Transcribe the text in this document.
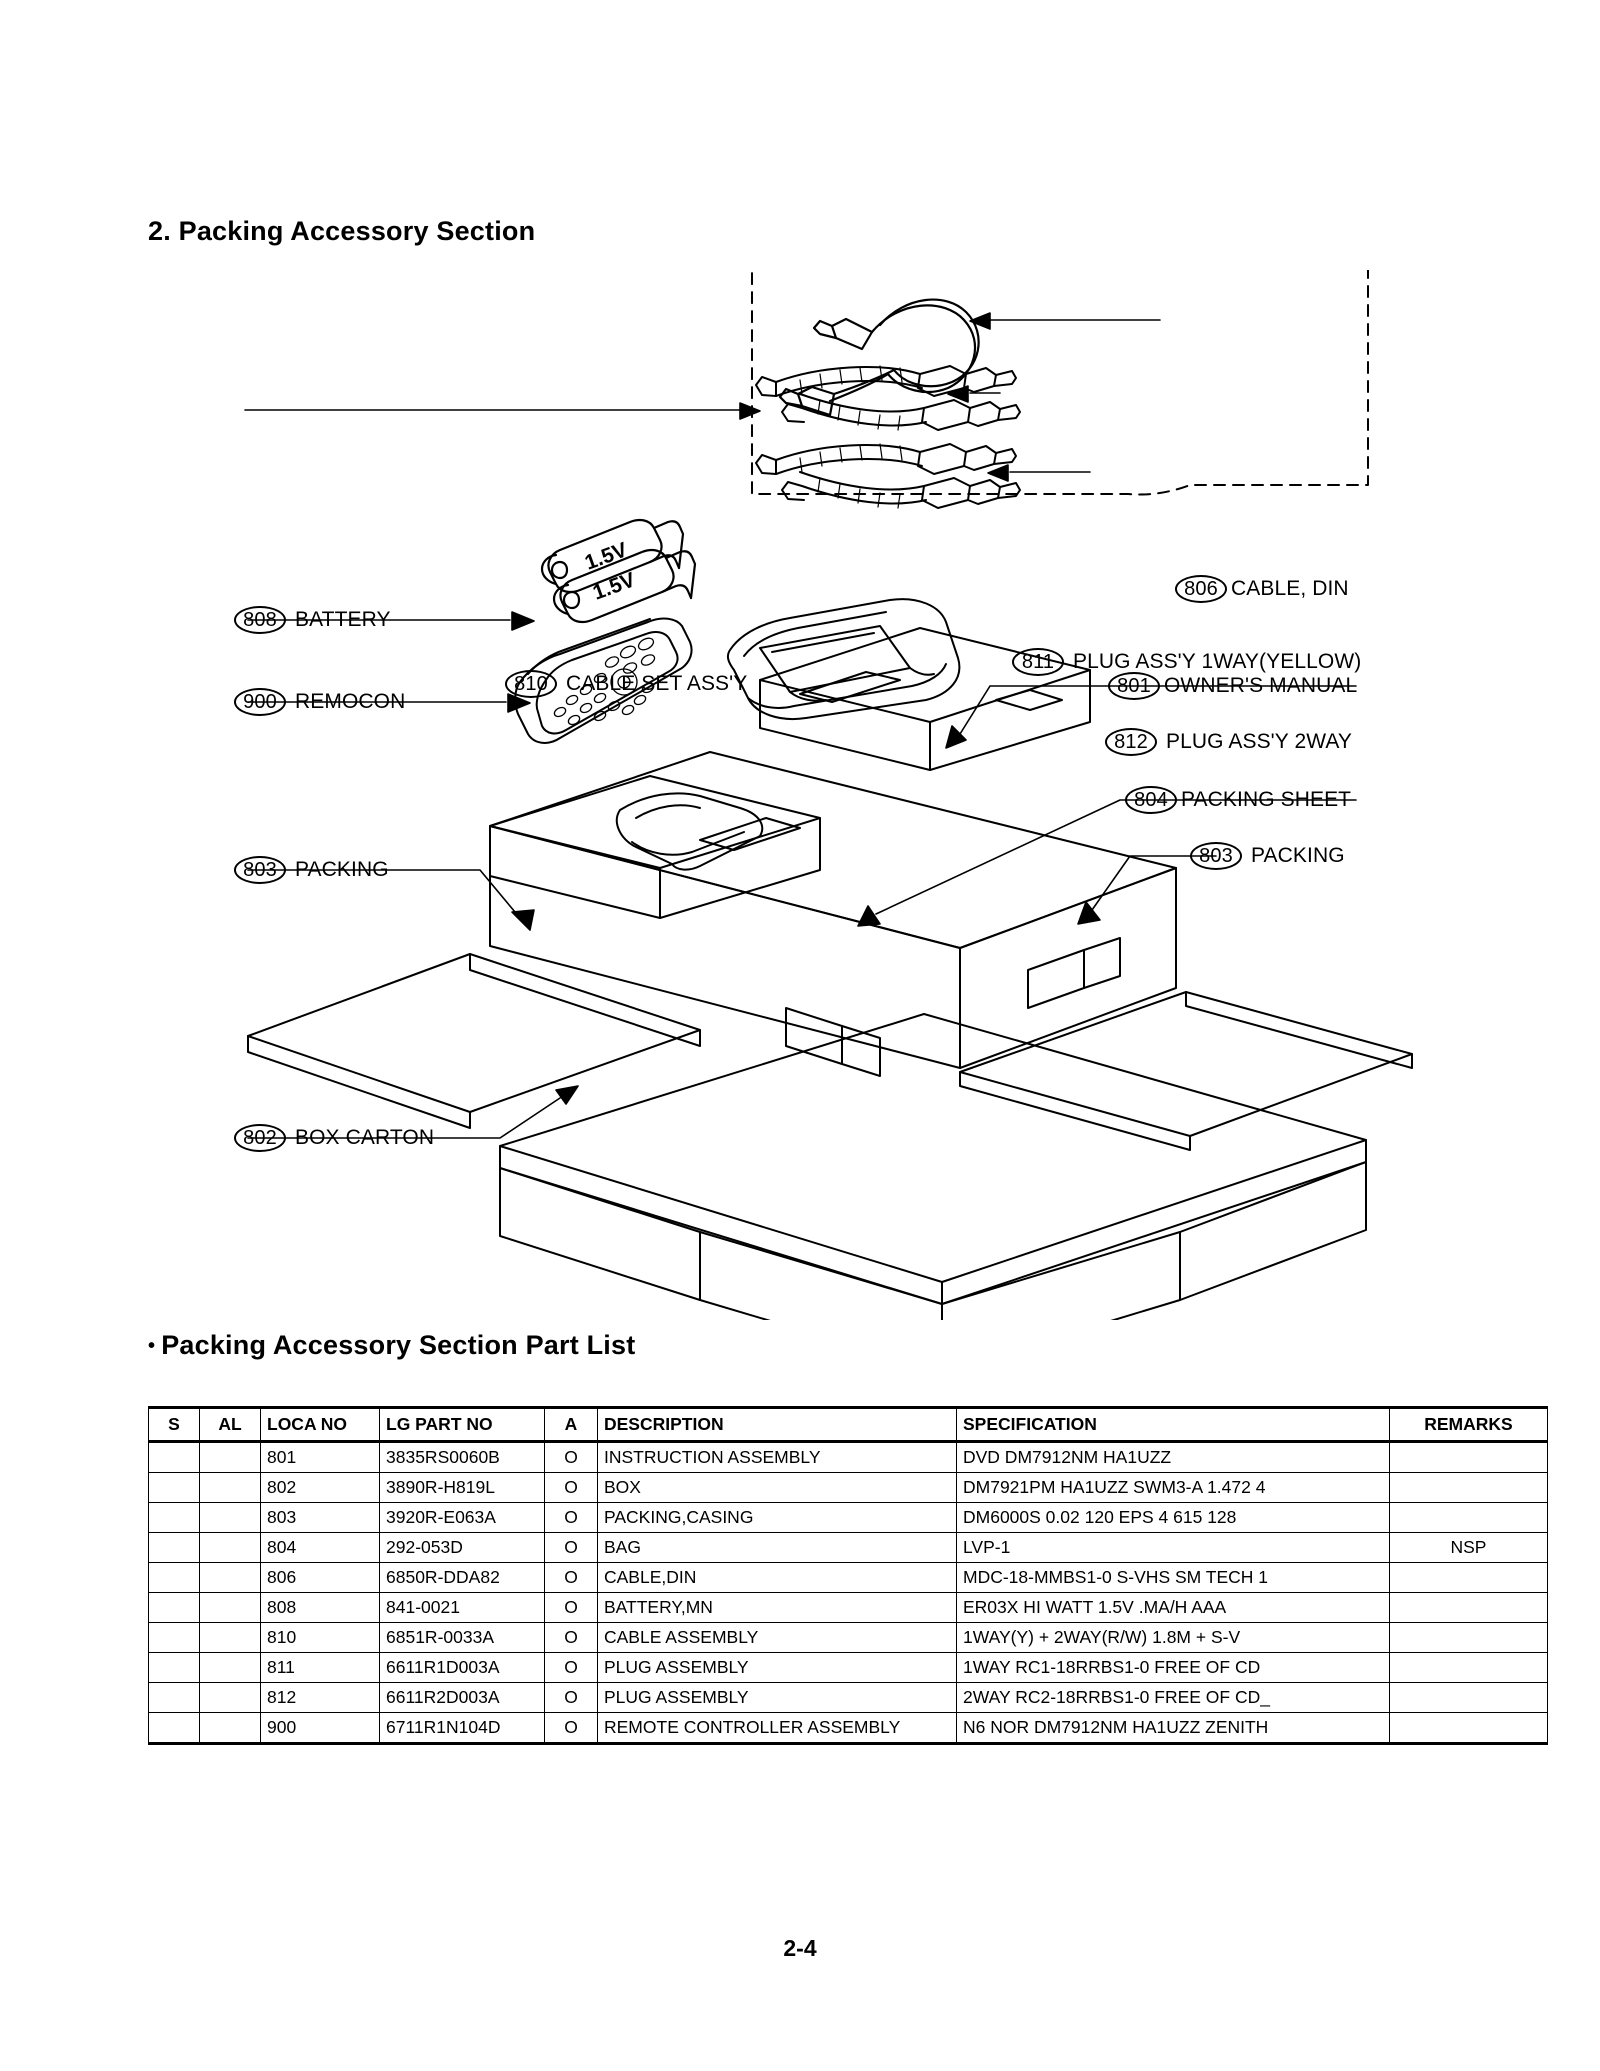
2. Packing Accessory Section
1.5V
1.5V
810 CABLE SET ASS'Y
806 CABLE, DIN
811 PLUG ASS'Y 1WAY(YELLOW)
812 PLUG ASS'Y 2WAY
808 BATTERY
900 REMOCON
801 OWNER'S MANUAL
804 PACKING SHEET
803 PACKING
803 PACKING
802 BOX CARTON
• Packing Accessory Section Part List
S	AL	LOCA NO	LG PART NO	A	DESCRIPTION	SPECIFICATION	REMARKS
		801	3835RS0060B	O	INSTRUCTION ASSEMBLY	DVD DM7912NM HA1UZZ	
		802	3890R-H819L	O	BOX	DM7921PM HA1UZZ SWM3-A 1.472 4	
		803	3920R-E063A	O	PACKING,CASING	DM6000S 0.02 120 EPS 4 615 128	
		804	292-053D	O	BAG	LVP-1	NSP
		806	6850R-DDA82	O	CABLE,DIN	MDC-18-MMBS1-0 S-VHS SM TECH 1	
		808	841-0021	O	BATTERY,MN	ER03X HI WATT 1.5V .MA/H AAA	
		810	6851R-0033A	O	CABLE ASSEMBLY	1WAY(Y) + 2WAY(R/W) 1.8M + S-V	
		811	6611R1D003A	O	PLUG ASSEMBLY	1WAY RC1-18RRBS1-0 FREE OF CD	
		812	6611R2D003A	O	PLUG ASSEMBLY	2WAY RC2-18RRBS1-0 FREE OF CD_	
		900	6711R1N104D	O	REMOTE CONTROLLER ASSEMBLY	N6 NOR DM7912NM HA1UZZ ZENITH	
2-4
